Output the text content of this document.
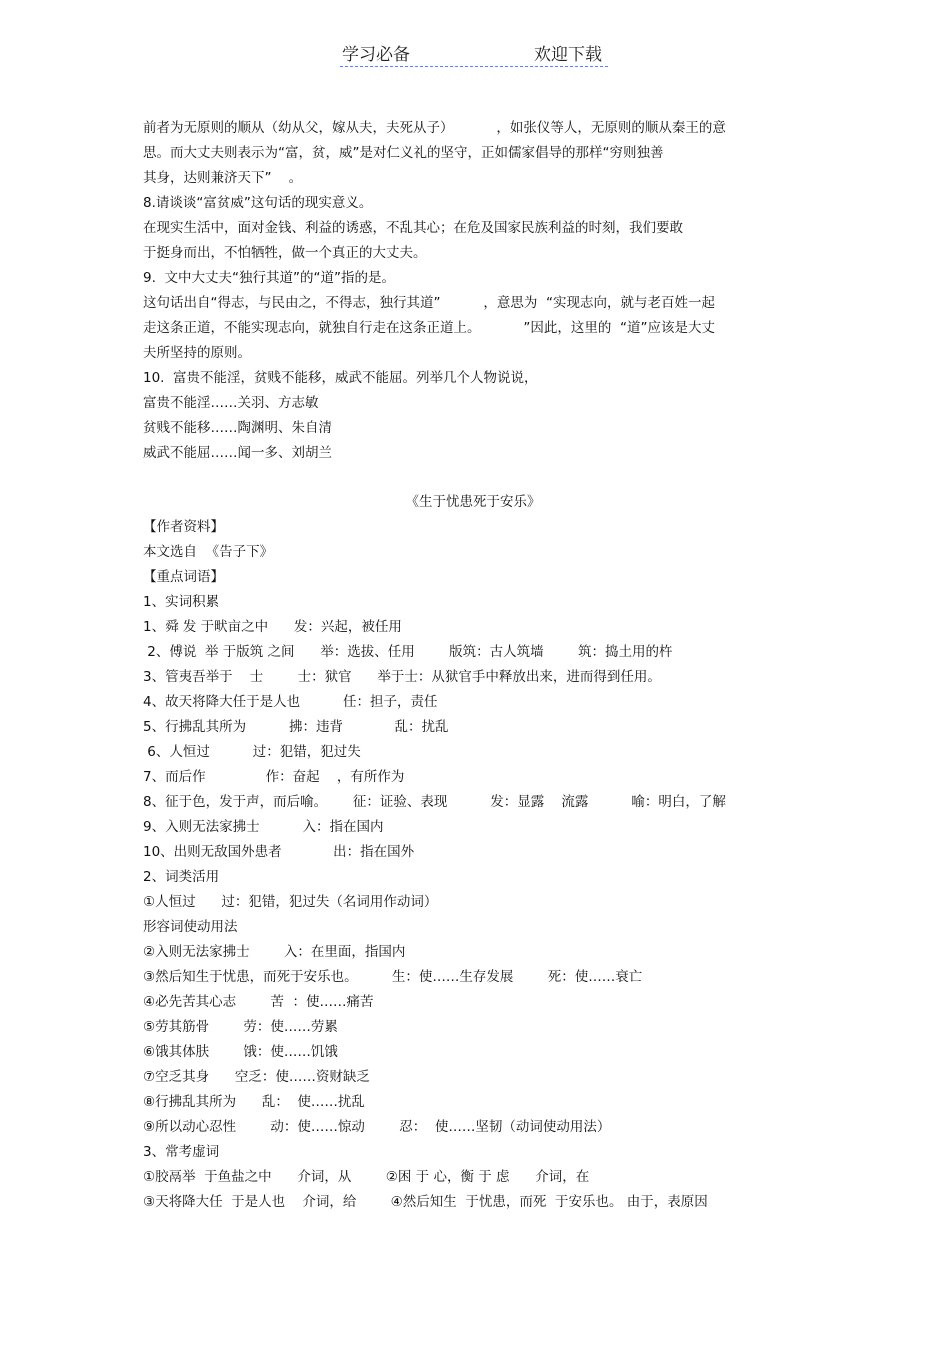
学习必备	欢迎下载
前者为无原则的顺从（幼从父，嫁从夫，夫死从子）          ，如张仪等人，无原则的顺从秦王的意
思。而大丈夫则表示为“富，贫，威”是对仁义礼的坚守，正如儒家倡导的那样“穷则独善
其身，达则兼济天下”    。
8.请谈谈“富贫威”这句话的现实意义。
在现实生活中，面对金钱、利益的诱惑，不乱其心；在危及国家民族利益的时刻，我们要敢
于挺身而出，不怕牺牲，做一个真正的大丈夫。
9.  文中大丈夫“独行其道”的“道”指的是。
这句话出自“得志，与民由之，不得志，独行其道”          ，意思为  “实现志向，就与老百姓一起
走这条正道，不能实现志向，就独自行走在这条正道上。          ”因此，这里的  “道”应该是大丈
夫所坚持的原则。
10.  富贵不能淫，贫贱不能移，威武不能屈。列举几个人物说说，
富贵不能淫……关羽、方志敏
贫贱不能移……陶渊明、朱自清
威武不能屈……闻一多、刘胡兰
《生于忧患死于安乐》
【作者资料】
本文选自  《告子下》
【重点词语】
1、实词积累
1、舜 发 于畎亩之中      发：兴起，被任用
2、傅说  举 于版筑 之间      举：选拔、任用        版筑：古人筑墙        筑：捣土用的杵
3、管夷吾举于    士        士：狱官      举于士：从狱官手中释放出来，进而得到任用。
4、故天将降大任于是人也          任：担子，责任
5、行拂乱其所为          拂：违背            乱：扰乱
6、人恒过          过：犯错，犯过失
7、而后作              作：奋起    ，有所作为
8、征于色，发于声，而后喻。      征：证验、表现          发：显露    流露          喻：明白，了解
9、入则无法家拂士          入：指在国内
10、出则无敌国外患者            出：指在国外
2、词类活用
①人恒过      过：犯错，犯过失（名词用作动词）
形容词使动用法
②入则无法家拂士        入：在里面，指国内
③然后知生于忧患，而死于安乐也。        生：使……生存发展        死：使……衰亡
④必先苦其心志        苦  ：使……痛苦
⑤劳其筋骨        劳：使……劳累
⑥饿其体肤        饿：使……饥饿
⑦空乏其身      空乏：使……资财缺乏
⑧行拂乱其所为      乱：  使……扰乱
⑨所以动心忍性        动：使……惊动        忍：  使……坚韧（动词使动用法）
3、常考虚词
①胶鬲举  于鱼盐之中      介词，从        ②困 于 心，衡 于 虑      介词，在
③天将降大任  于是人也    介词，给        ④然后知生  于忧患，而死  于安乐也。 由于，表原因
